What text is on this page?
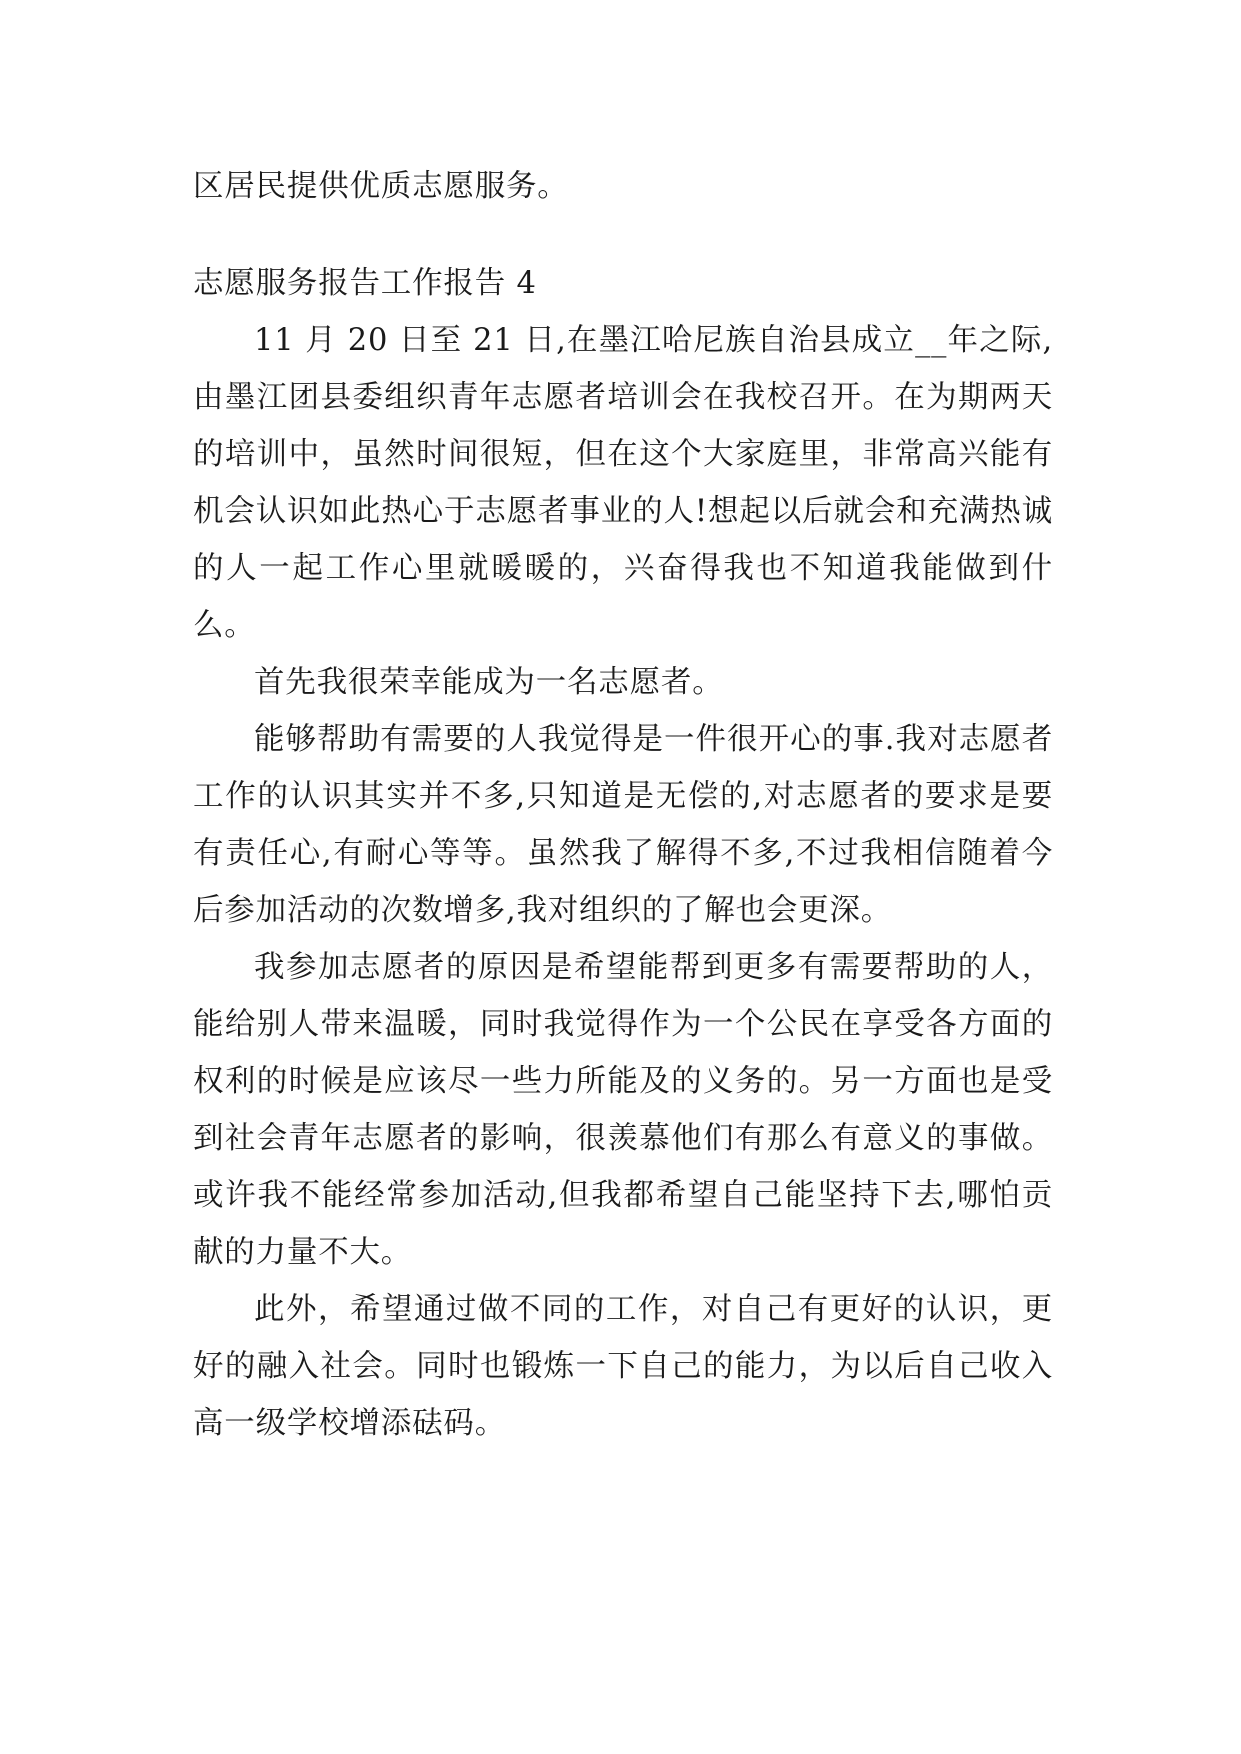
区居民提供优质志愿服务。

志愿服务报告工作报告 4

11 月 20 日至 21 日,在墨江哈尼族自治县成立__年之际,由墨江团县委组织青年志愿者培训会在我校召开。在为期两天的培训中，虽然时间很短，但在这个大家庭里，非常高兴能有机会认识如此热心于志愿者事业的人!想起以后就会和充满热诚的人一起工作心里就暖暖的，兴奋得我也不知道我能做到什么。

首先我很荣幸能成为一名志愿者。

能够帮助有需要的人我觉得是一件很开心的事.我对志愿者工作的认识其实并不多,只知道是无偿的,对志愿者的要求是要有责任心,有耐心等等。虽然我了解得不多,不过我相信随着今后参加活动的次数增多,我对组织的了解也会更深。

我参加志愿者的原因是希望能帮到更多有需要帮助的人，能给别人带来温暖，同时我觉得作为一个公民在享受各方面的权利的时候是应该尽一些力所能及的义务的。另一方面也是受到社会青年志愿者的影响，很羡慕他们有那么有意义的事做。或许我不能经常参加活动,但我都希望自己能坚持下去,哪怕贡献的力量不大。

此外，希望通过做不同的工作，对自己有更好的认识，更好的融入社会。同时也锻炼一下自己的能力，为以后自己收入高一级学校增添砝码。
